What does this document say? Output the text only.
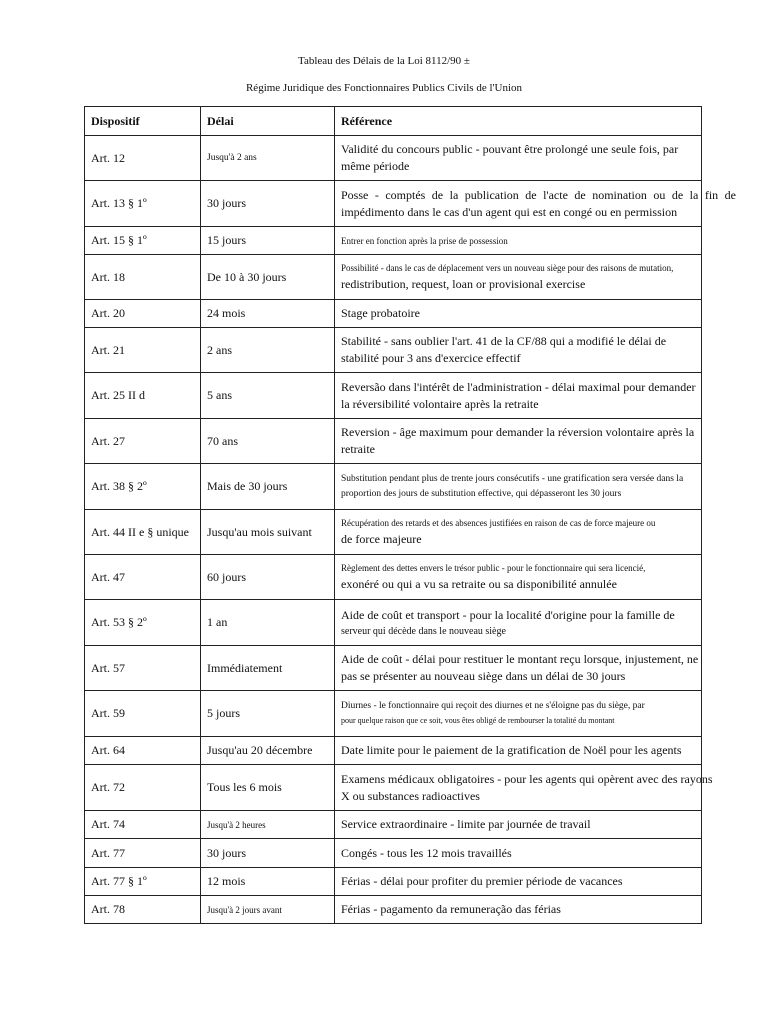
Tableau des Délais de la Loi 8112/90 ±
Régime Juridique des Fonctionnaires Publics Civils de l'Union
Dispositif	Délai	Référence
Art. 12	Jusqu'à 2 ans	Validité du concours public - pouvant être prolongé une seule fois, par même période
Art. 13 § 1º	30 jours	Posse - comptés de la publication de l'acte de nomination ou de la fin de impédimento dans le cas d'un agent qui est en congé ou en permission

Art. 15 § 1º	15 jours	Entrer en fonction après la prise de possession
Art. 18	De 10 à 30 jours	Possibilité - dans le cas de déplacement vers un nouveau siège pour des raisons de mutation,
redistribution, request, loan or provisional exercise

Art. 20	24 mois	Stage probatoire
Art. 21	2 ans	Stabilité - sans oublier l'art. 41 de la CF/88 qui a modifié le délai de stabilité pour 3 ans d'exercice effectif
Art. 25 II d	5 ans	Reversão dans l'intérêt de l'administration - délai maximal pour demander la réversibilité volontaire après la retraite

Art. 27	70 ans	Reversion - âge maximum pour demander la réversion volontaire après la retraite

Art. 38 § 2º	Mais de 30 jours	Substitution pendant plus de trente jours consécutifs - une gratification sera versée dans la proportion des jours de substitution effective, qui dépasseront les 30 jours

Art. 44 II e § unique	Jusqu'au mois suivant	Récupération des retards et des absences justifiées en raison de cas de force majeure ou
de force majeure

Art. 47	60 jours	Règlement des dettes envers le trésor public - pour le fonctionnaire qui sera licencié,
exonéré ou qui a vu sa retraite ou sa disponibilité annulée

Art. 53 § 2º	1 an	Aide de coût et transport - pour la localité d'origine pour la famille de
serveur qui décède dans le nouveau siège

Art. 57	Immédiatement	Aide de coût - délai pour restituer le montant reçu lorsque, injustement, ne pas se présenter au nouveau siège dans un délai de 30 jours

Art. 59	5 jours	Diurnes - le fonctionnaire qui reçoit des diurnes et ne s'éloigne pas du siège, par
pour quelque raison que ce soit, vous êtes obligé de rembourser la totalité du montant

Art. 64	Jusqu'au 20 décembre	Date limite pour le paiement de la gratification de Noël pour les agents
Art. 72	Tous les 6 mois	Examens médicaux obligatoires - pour les agents qui opèrent avec des rayons X ou substances radioactives

Art. 74	Jusqu'à 2 heures	Service extraordinaire - limite par journée de travail
Art. 77	30 jours	Congés - tous les 12 mois travaillés
Art. 77 § 1º	12 mois	Férias - délai pour profiter du premier période de vacances
Art. 78	Jusqu'à 2 jours avant	Férias - pagamento da remuneração das férias
